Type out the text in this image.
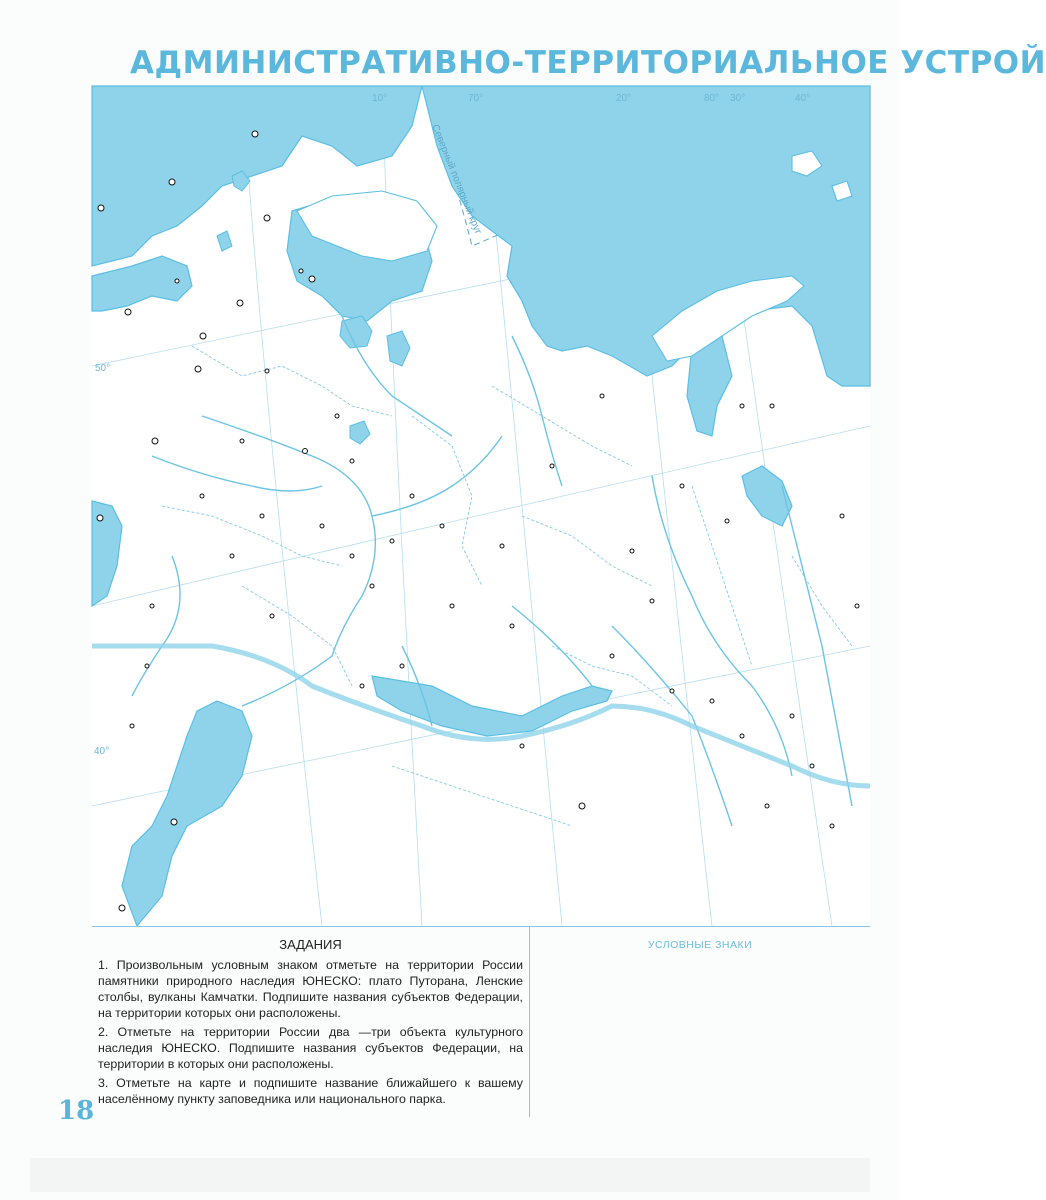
АДМИНИСТРАТИВНО-ТЕРРИТОРИАЛЬНОЕ УСТРОЙ
10°	70°	20°	80° 30°	40°
50°
40°
Северный полярный круг
ЗАДАНИЯ
1. Произвольным условным знаком отметьте на территории России памятники природного наследия ЮНЕСКО: плато Путорана, Ленские столбы, вулканы Камчатки. Подпишите названия субъектов Федерации, на территории которых они расположены.
2. Отметьте на территории России два —три объекта культурного наследия ЮНЕСКО. Подпишите названия субъектов Федерации, на территории в которых они расположены.
3. Отметьте на карте и подпишите название ближайшего к вашему населённому пункту заповедника или национального парка.
УСЛОВНЫЕ ЗНАКИ
18
